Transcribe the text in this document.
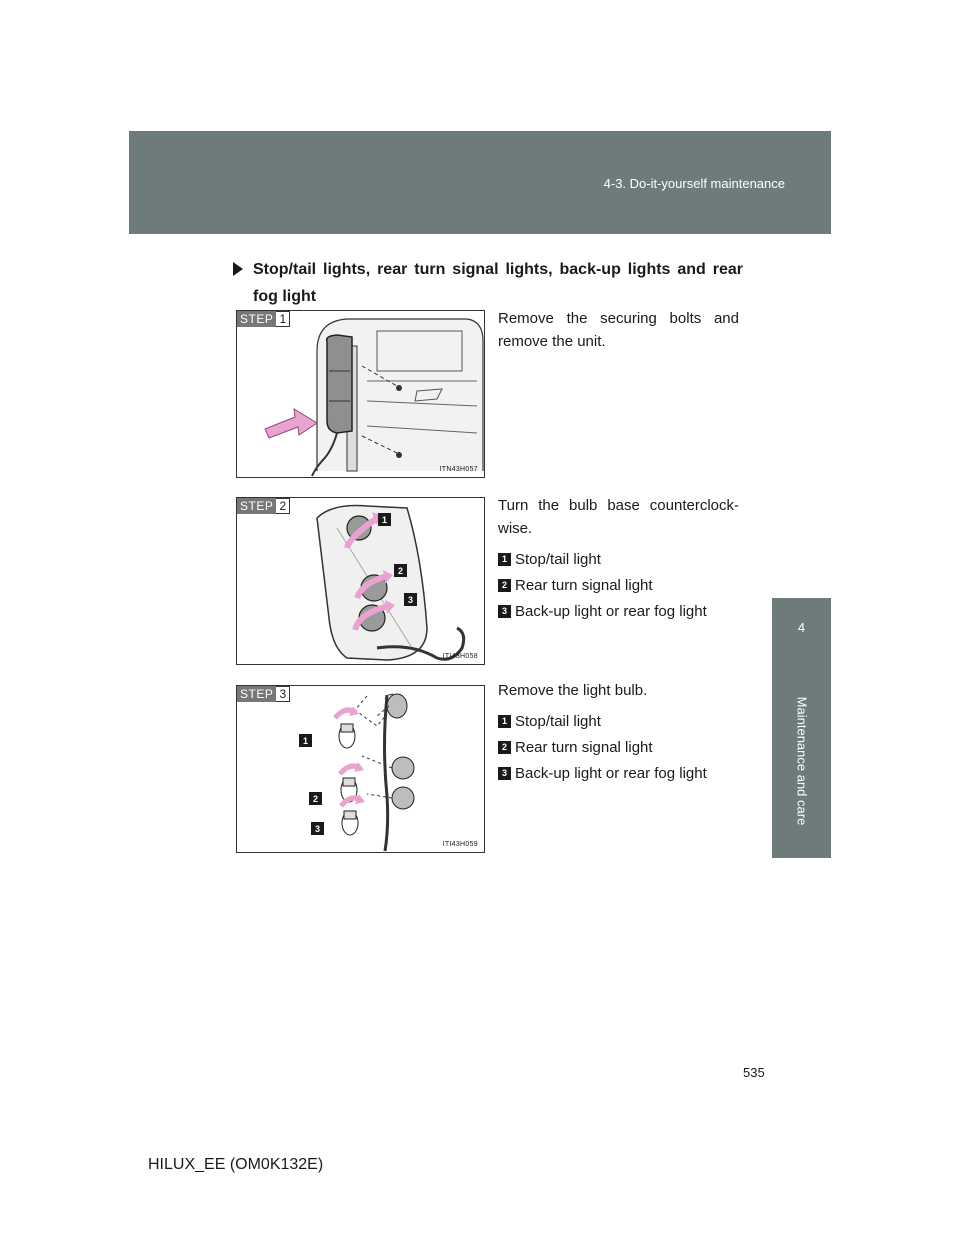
4-3. Do-it-yourself maintenance
4
Maintenance and care
Stop/tail lights, rear turn signal lights, back-up lights and rear fog light
STEP 1
ITN43H057

Remove the securing bolts and remove the unit.

1
2
3
STEP 2
ITI43H058

Turn the bulb base counterclock-wise.

1 Stop/tail light
2 Rear turn signal light
3 Back-up light or rear fog light
1
2
3
STEP 3
ITI43H059

Remove the light bulb.

1 Stop/tail light
2 Rear turn signal light
3 Back-up light or rear fog light
535
HILUX_EE (OM0K132E)
